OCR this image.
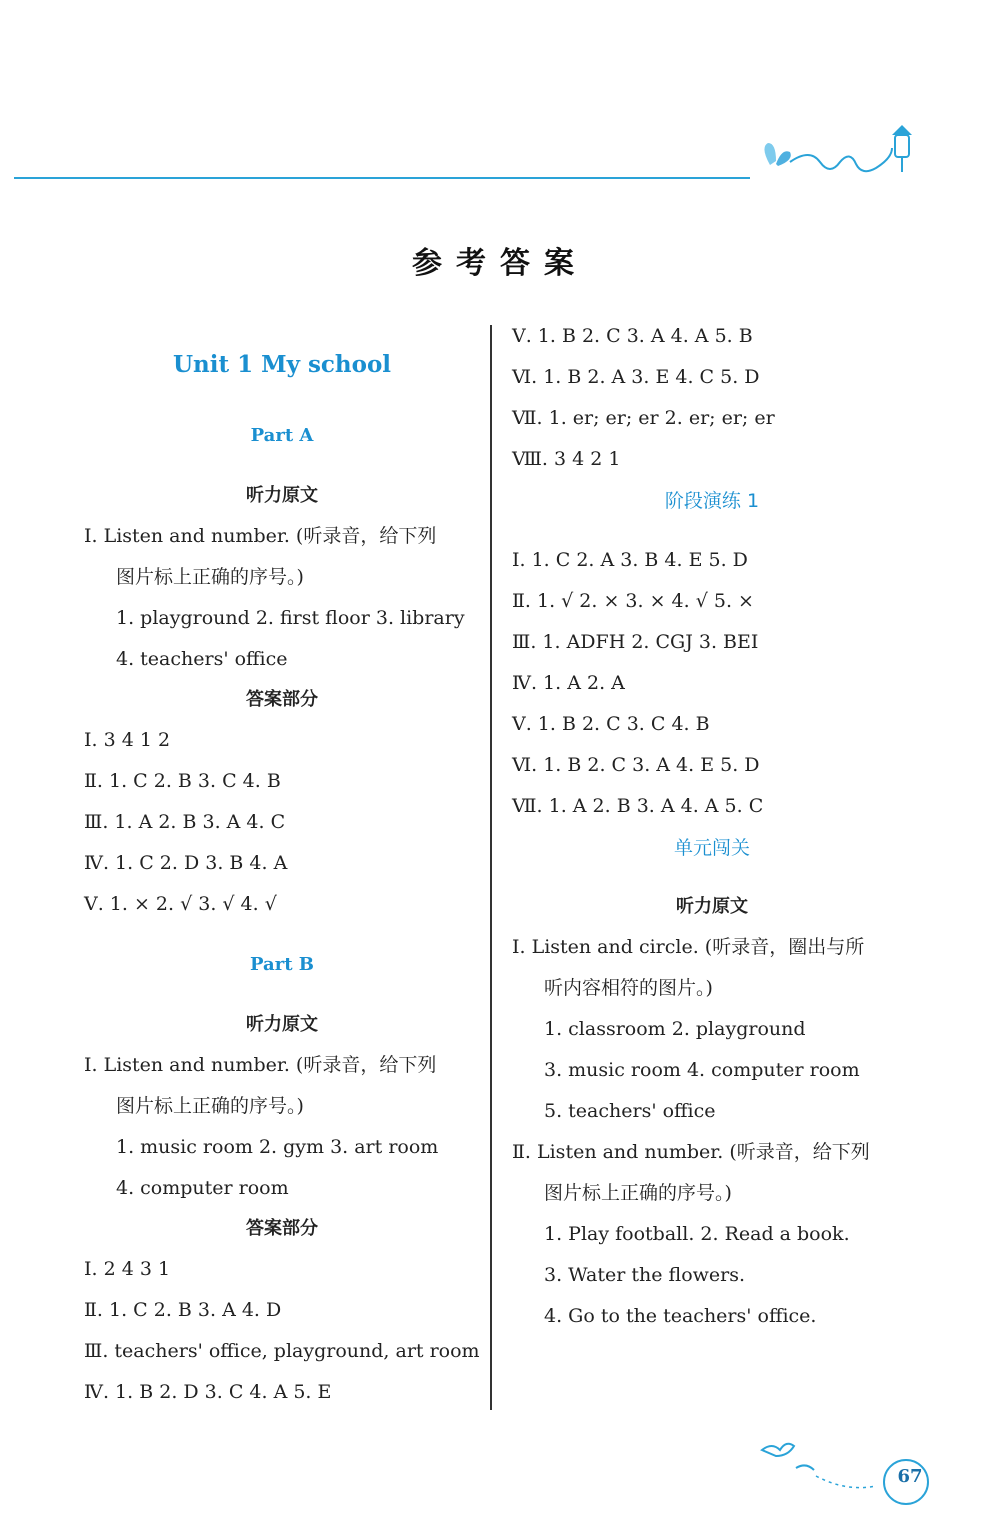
参考答案
Unit 1 My school
Part A
听力原文
Ⅰ. Listen and number. (听录音，给下列
图片标上正确的序号。)
1. playground 2. first floor 3. library
4. teachers' office
答案部分
Ⅰ. 3 4 1 2
Ⅱ. 1. C 2. B 3. C 4. B
Ⅲ. 1. A 2. B 3. A 4. C
Ⅳ. 1. C 2. D 3. B 4. A
Ⅴ. 1. × 2. √ 3. √ 4. √
Part B
听力原文
Ⅰ. Listen and number. (听录音，给下列
图片标上正确的序号。)
1. music room 2. gym 3. art room
4. computer room
答案部分
Ⅰ. 2 4 3 1
Ⅱ. 1. C 2. B 3. A 4. D
Ⅲ. teachers' office, playground, art room
Ⅳ. 1. B 2. D 3. C 4. A 5. E
Ⅴ. 1. B 2. C 3. A 4. A 5. B
Ⅵ. 1. B 2. A 3. E 4. C 5. D
Ⅶ. 1. er; er; er 2. er; er; er
Ⅷ. 3 4 2 1
阶段演练 1
Ⅰ. 1. C 2. A 3. B 4. E 5. D
Ⅱ. 1. √ 2. × 3. × 4. √ 5. ×
Ⅲ. 1. ADFH 2. CGJ 3. BEI
Ⅳ. 1. A 2. A
Ⅴ. 1. B 2. C 3. C 4. B
Ⅵ. 1. B 2. C 3. A 4. E 5. D
Ⅶ. 1. A 2. B 3. A 4. A 5. C
单元闯关
听力原文
Ⅰ. Listen and circle. (听录音，圈出与所
听内容相符的图片。)
1. classroom 2. playground
3. music room 4. computer room
5. teachers' office
Ⅱ. Listen and number. (听录音，给下列
图片标上正确的序号。)
1. Play football. 2. Read a book.
3. Water the flowers.
4. Go to the teachers' office.
67
